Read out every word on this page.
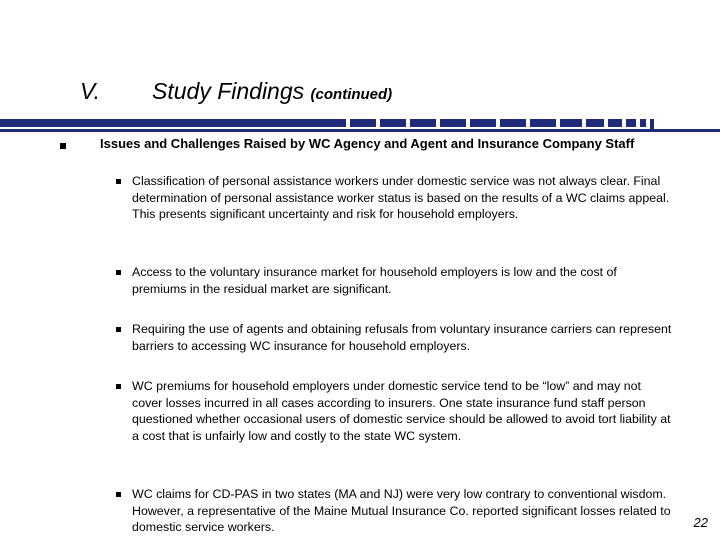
V. Study Findings (continued)
Issues and Challenges Raised by WC Agency and Agent and Insurance Company Staff
Classification of personal assistance workers under domestic service was not always clear. Final determination of personal assistance worker status is based on the results of a WC claims appeal. This presents significant uncertainty and risk for household employers.
Access to the voluntary insurance market for household employers is low and the cost of premiums in the residual market are significant.
Requiring the use of agents and obtaining refusals from voluntary insurance carriers can represent barriers to accessing WC insurance for household employers.
WC premiums for household employers under domestic service tend to be “low” and may not cover losses incurred in all cases according to insurers. One state insurance fund staff person questioned whether occasional users of domestic service should be allowed to avoid tort liability at a cost that is unfairly low and costly to the state WC system.
WC claims for CD-PAS in two states (MA and NJ) were very low contrary to conventional wisdom. However, a representative of the Maine Mutual Insurance Co. reported significant losses related to domestic service workers.	22
